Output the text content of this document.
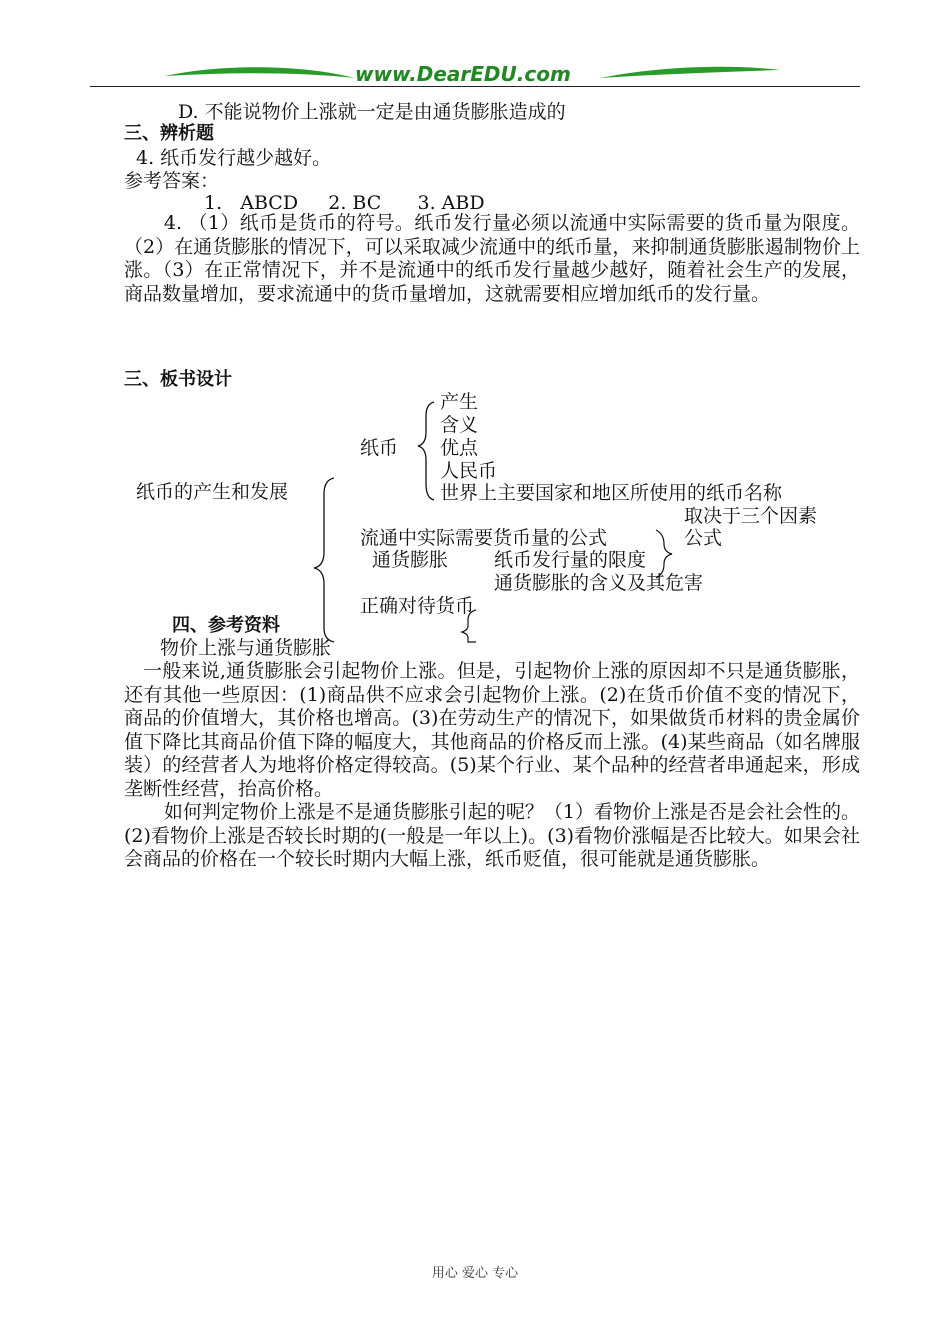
www.DearEDU.com
D. 不能说物价上涨就一定是由通货膨胀造成的
三、辨析题
4. 纸币发行越少越好。
参考答案：
1.   ABCD     2. BC      3. ABD

4. （1）纸币是货币的符号。纸币发行量必须以流通中实际需要的货币量为限度。（2）在通货膨胀的情况下，可以采取减少流通中的纸币量，来抑制通货膨胀遏制物价上涨。（3）在正常情况下，并不是流通中的纸币发行量越少越好，随着社会生产的发展，商品数量增加，要求流通中的货币量增加，这就需要相应增加纸币的发行量。

三、板书设计
纸币的产生和发展
纸币
产生
含义
优点
人民币
世界上主要国家和地区所使用的纸币名称
取决于三个因素
流通中实际需要货币量的公式	公式
通货膨胀 纸币发行量的限度
通货膨胀的含义及其危害
正确对待货币
四、参考资料
物价上涨与通货膨胀

一般来说,通货膨胀会引起物价上涨。但是，引起物价上涨的原因却不只是通货膨胀，还有其他一些原因：(1)商品供不应求会引起物价上涨。(2)在货币价值不变的情况下，商品的价值增大，其价格也增高。(3)在劳动生产的情况下，如果做货币材料的贵金属价值下降比其商品价值下降的幅度大，其他商品的价格反而上涨。(4)某些商品（如名牌服装）的经营者人为地将价格定得较高。(5)某个行业、某个品种的经营者串通起来，形成垄断性经营，抬高价格。

如何判定物价上涨是不是通货膨胀引起的呢？（1）看物价上涨是否是会社会性的。(2)看物价上涨是否较长时期的(一般是一年以上)。(3)看物价涨幅是否比较大。如果会社会商品的价格在一个较长时期内大幅上涨，纸币贬值，很可能就是通货膨胀。

用心 爱心 专心
